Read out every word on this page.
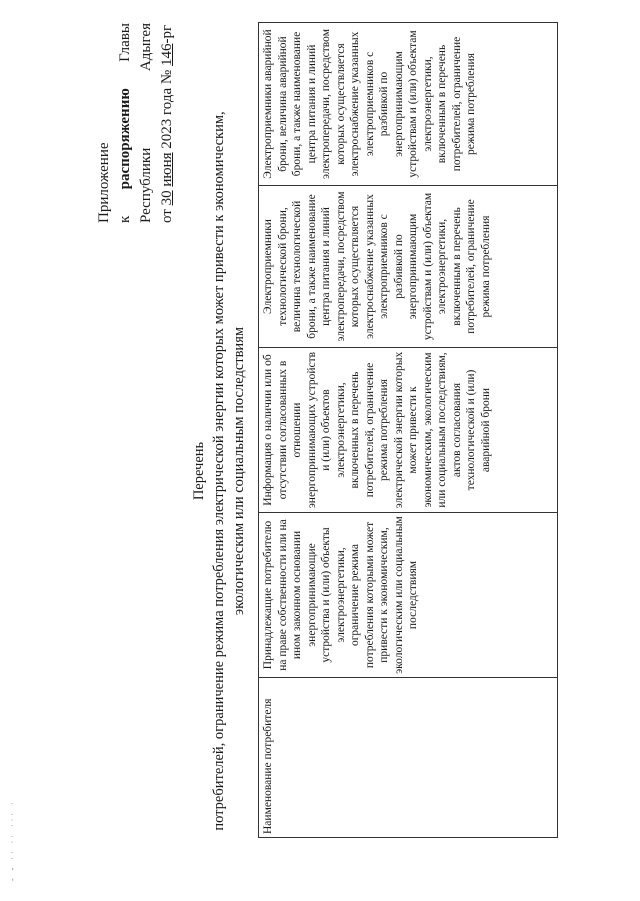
Приложение к
распоряжению
Главы
Республики
Адыгея
от 30 июня 2023 года № 146-рг
Перечень потребителей, ограничение режима потребления электрической энергии которых может привести к экономическим, экологическим или социальным последствиям
Наименование потребителя	Принадлежащие потребителю на праве собственности или на ином законном основании энергопринимающие устройства и (или) объекты электроэнергетики, ограничение режима потребления которыми может привести к экономическим, экологическим или социальным последствиям	Информация о наличии или об отсутствии согласованных в отношении энергопринимающих устройств и (или) объектов электроэнергетики, включенных в перечень потребителей, ограничение режима потребления электрической энергии которых может привести к экономическим, экологическим или социальным последствиям, актов согласования технологической и (или) аварийной брони	Электроприемники технологической брони, величина технологической брони, а также наименование центра питания и линий электропередачи, посредством которых осуществляется электроснабжение указанных электроприемников с разбивкой по энергопринимающим устройствам и (или) объектам электроэнергетики, включенным в перечень потребителей, ограничение режима потребления	Электроприемники аварийной брони, величина аварийной брони, а также наименование центра питания и линий электропередачи, посредством которых осуществляется электроснабжение указанных электроприемников с разбивкой по энергопринимающим устройствам и (или) объектам электроэнергетики, включенным в перечень потребителей, ограничение режима потребления
- - ·· ·· ··· ·
